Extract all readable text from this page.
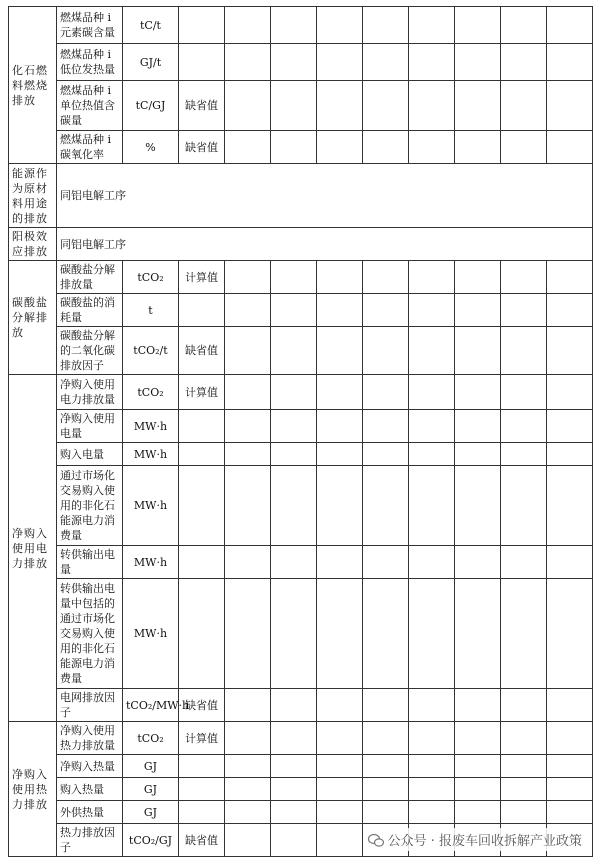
化石燃料燃烧排放	燃煤品种 i 元素碳含量	tC/t									
	燃煤品种 i 低位发热量	GJ/t									
	燃煤品种 i 单位热值含碳量	tC/GJ	缺省值								
	燃煤品种 i 碳氧化率	%	缺省值								
能源作为原材料用途的排放	同铝电解工序										
阳极效应排放	同铝电解工序										
碳酸盐分解排放	碳酸盐分解排放量	tCO₂	计算值								
	碳酸盐的消耗量	t									
	碳酸盐分解的二氧化碳排放因子	tCO₂/t	缺省值								
净购入使用电力排放	净购入使用电力排放量	tCO₂	计算值								
	净购入使用电量	MW·h									
	购入电量	MW·h									
	通过市场化交易购入使用的非化石能源电力消费量	MW·h									
	转供输出电量	MW·h									
	转供输出电量中包括的通过市场化交易购入使用的非化石能源电力消费量	MW·h									
	电网排放因子	tCO₂/MW·h	缺省值								
净购入使用热力排放	净购入使用热力排放量	tCO₂	计算值								
	净购入热量	GJ									
	购入热量	GJ									
	外供热量	GJ									
	热力排放因子	tCO₂/GJ	缺省值									公众号 · 报废车回收拆解产业政策
